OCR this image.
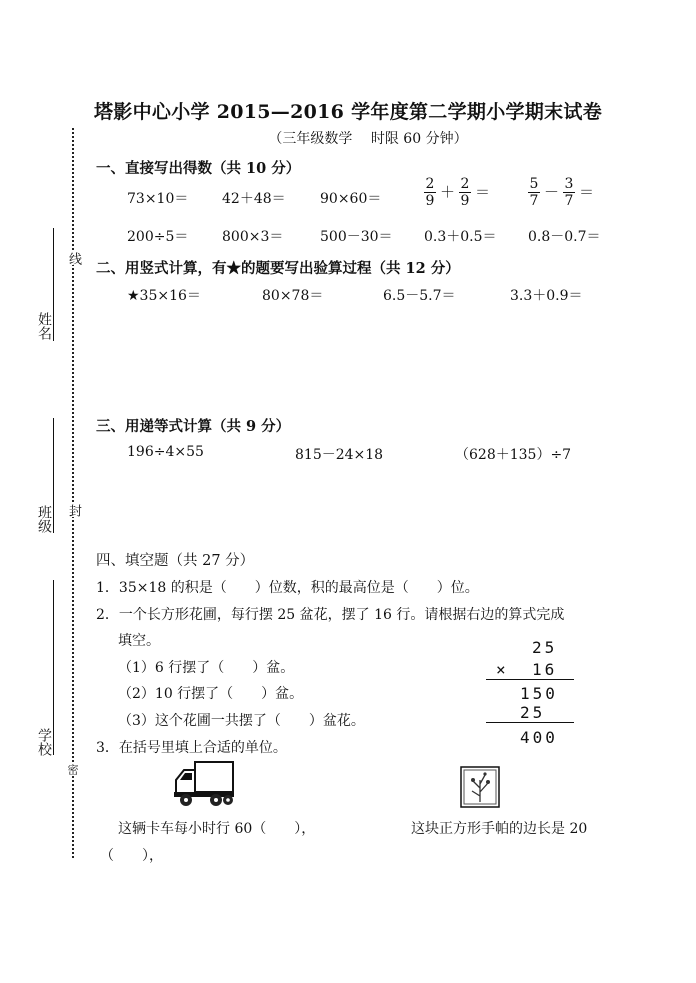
塔影中心小学 2015—2016 学年度第二学期小学期末试卷
（三年级数学　 时限 60 分钟）
姓名
班级
学校
线
封
密
一、直接写出得数（共 10 分）
73×10＝ 42＋48＝ 90×60＝	$\frac{2}{9} + \frac{2}{9}$ ＝	$\frac{5}{7} - \frac{3}{7}$ ＝
200÷5＝ 800×3＝	500－30＝ 0.3＋0.5＝ 0.8－0.7＝
二、用竖式计算，有★的题要写出验算过程（共 12 分）
★35×16＝	80×78＝	6.5－5.7＝	3.3＋0.9＝
三、用递等式计算（共 9 分）
196÷4×55	815－24×18	（628＋135）÷7
四、填空题（共 27 分）
1．35×18 的积是（　　）位数，积的最高位是（　　）位。
2．一个长方形花圃，每行摆 25 盆花，摆了 16 行。请根据右边的算式完成
填空。
（1）6 行摆了（　　）盆。
（2）10 行摆了（　　）盆。
（3）这个花圃一共摆了（　　）盆花。
25
× 16
150
25
400
3．在括号里填上合适的单位。
这辆卡车每小时行 60（　　），	这块正方形手帕的边长是 20
（　　），
